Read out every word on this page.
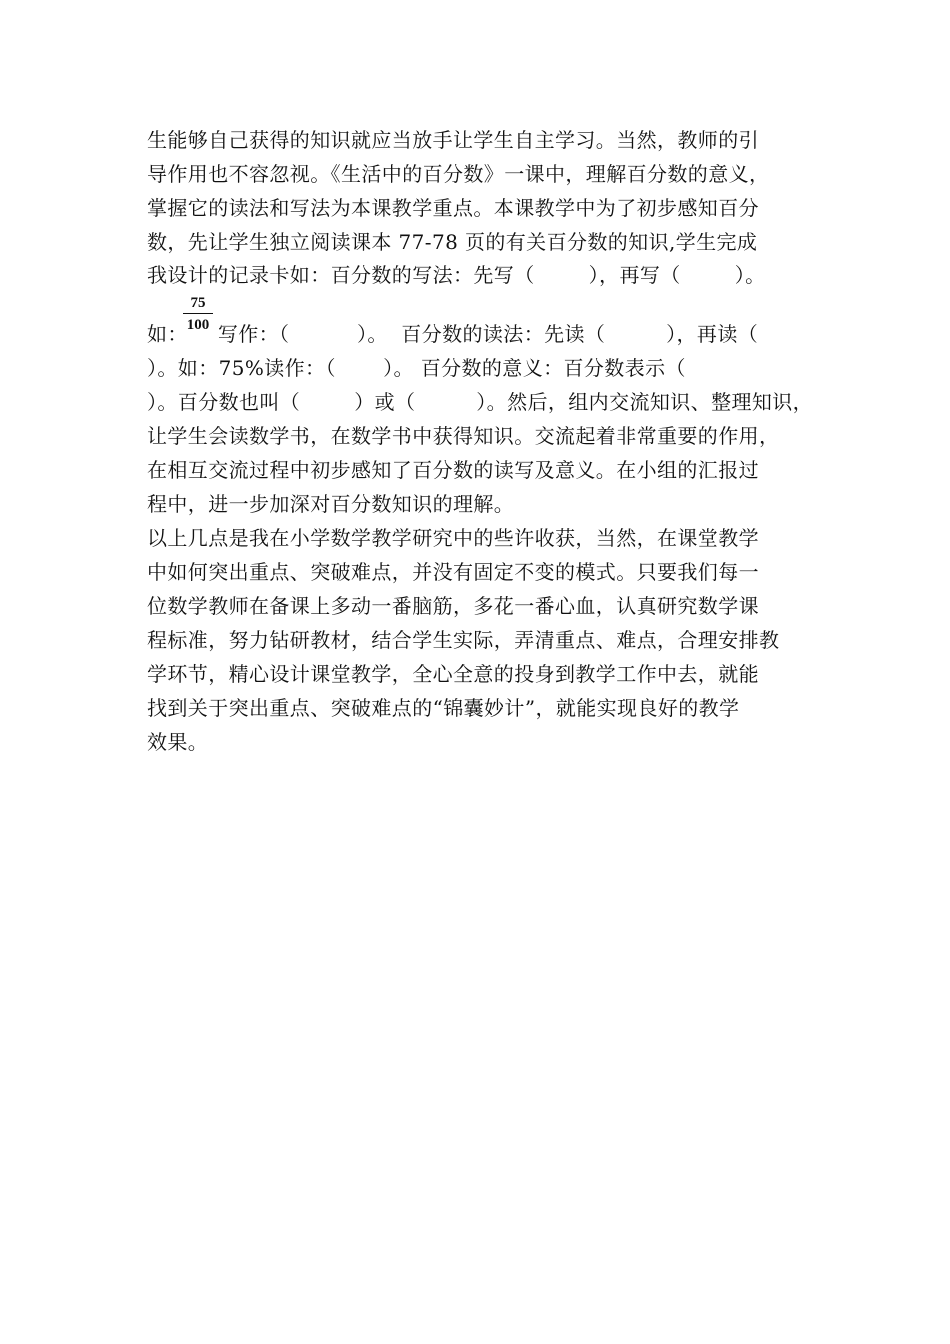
生能够自己获得的知识就应当放手让学生自主学习。当然，教师的引
导作用也不容忽视。《生活中的百分数》一课中，理解百分数的意义，
掌握它的读法和写法为本课教学重点。本课教学中为了初步感知百分
数，先让学生独立阅读课本 77-78 页的有关百分数的知识,学生完成
我设计的记录卡如：百分数的写法：先写（        ），再写（        ）。
75
100
如： 写作：（          ）。  百分数的读法：先读（         ），再读（
）。如：75%读作：（       ）。 百分数的意义：百分数表示（
）。百分数也叫（        ）或（         ）。然后，组内交流知识、整理知识，
让学生会读数学书，在数学书中获得知识。交流起着非常重要的作用，
在相互交流过程中初步感知了百分数的读写及意义。在小组的汇报过
程中，进一步加深对百分数知识的理解。
以上几点是我在小学数学教学研究中的些许收获，当然，在课堂教学
中如何突出重点、突破难点，并没有固定不变的模式。只要我们每一
位数学教师在备课上多动一番脑筋，多花一番心血，认真研究数学课
程标准，努力钻研教材，结合学生实际，弄清重点、难点，合理安排教
学环节，精心设计课堂教学，全心全意的投身到教学工作中去，就能
找到关于突出重点、突破难点的“锦囊妙计”，就能实现良好的教学
效果。
